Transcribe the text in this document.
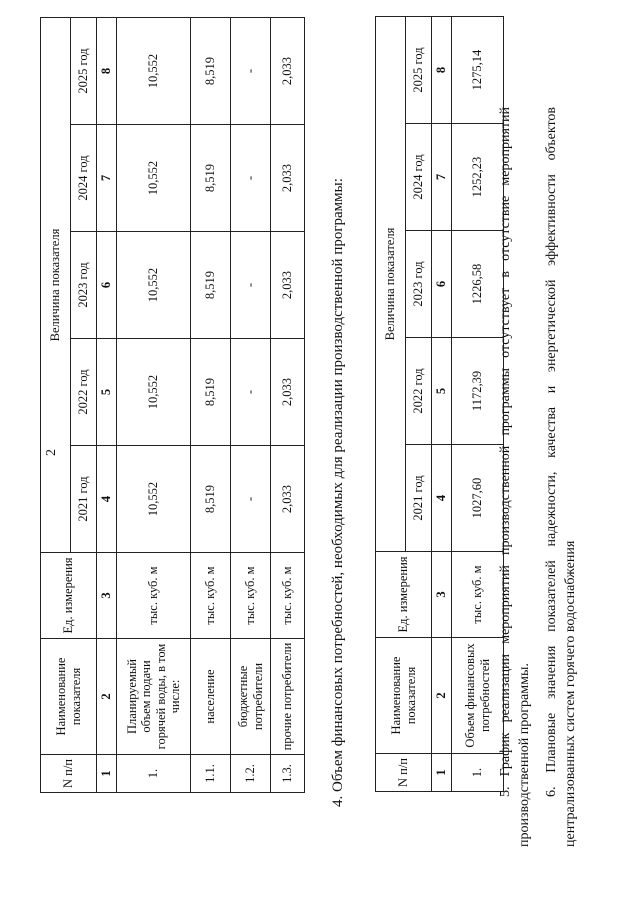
2
N п/п	Наименование показателя	Ед. измерения	Величина показателя				
			2021 год	2022 год	2023 год	2024 год	2025 год
1	2	3	4	5	6	7	8
1.	Планируемый объем подачи горячей воды, в том числе:	тыс. куб. м	10,552	10,552	10,552	10,552	10,552
1.1.	население	тыс. куб. м	8,519	8,519	8,519	8,519	8,519
1.2.	бюджетные потребители	тыс. куб. м	-	-	-	-	-
1.3.	прочие потребители	тыс. куб. м	2,033	2,033	2,033	2,033	2,033
4. Объем финансовых потребностей, необходимых для реализации производственной программы:	N п/п	Наименование показателя	Ед. измерения	Величина показателя				
			2021 год	2022 год	2023 год	2024 год	2025 год
1	2	3	4	5	6	7	8
1.	Объем финансовых потребностей	тыс. куб. м	1027,60	1172,39	1226,58	1252,23	1275,14
5. График реализации мероприятий производственной программы отсутствует в отсутствие мероприятий производственной программы. 6. Плановые значения показателей надежности, качества и энергетической эффективности объектов централизованных систем горячего водоснабжения
